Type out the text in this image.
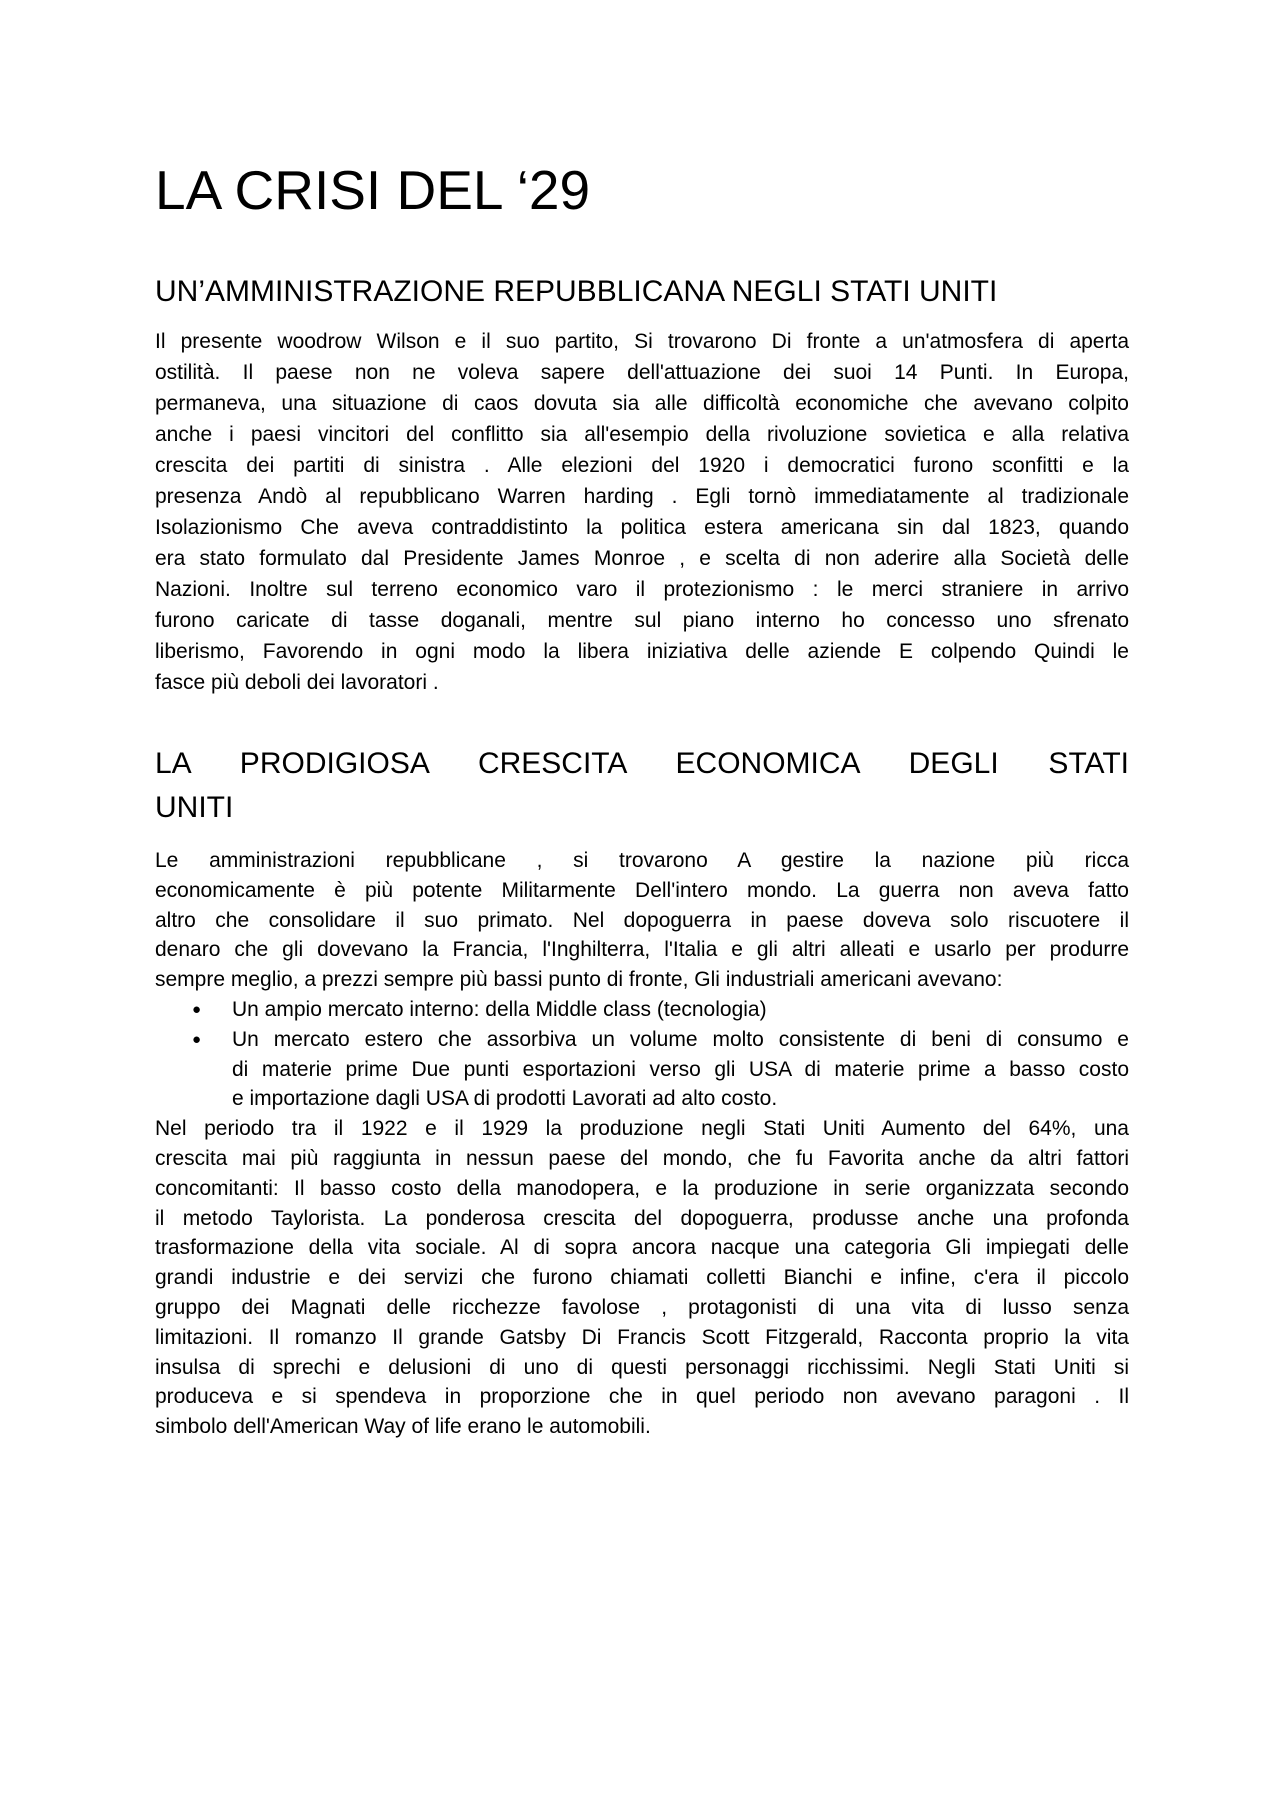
LA CRISI DEL ‘29
UN’AMMINISTRAZIONE REPUBBLICANA NEGLI STATI UNITI
Il presente woodrow Wilson e il suo partito, Si trovarono Di fronte a un'atmosfera di aperta
ostilità. Il paese non ne voleva sapere dell'attuazione dei suoi 14 Punti. In Europa,
permaneva, una situazione di caos dovuta sia alle difficoltà economiche che avevano colpito
anche i paesi vincitori del conflitto sia all'esempio della rivoluzione sovietica e alla relativa
crescita dei partiti di sinistra . Alle elezioni del 1920 i democratici furono sconfitti e la
presenza Andò al repubblicano Warren harding . Egli tornò immediatamente al tradizionale
Isolazionismo Che aveva contraddistinto la politica estera americana sin dal 1823, quando
era stato formulato dal Presidente James Monroe , e scelta di non aderire alla Società delle
Nazioni. Inoltre sul terreno economico varo il protezionismo : le merci straniere in arrivo
furono caricate di tasse doganali, mentre sul piano interno ho concesso uno sfrenato
liberismo, Favorendo in ogni modo la libera iniziativa delle aziende E colpendo Quindi le
fasce più deboli dei lavoratori .
LA PRODIGIOSA CRESCITA ECONOMICA DEGLI STATI
UNITI
Le amministrazioni repubblicane , si trovarono A gestire la nazione più ricca
economicamente è più potente Militarmente Dell'intero mondo. La guerra non aveva fatto
altro che consolidare il suo primato. Nel dopoguerra in paese doveva solo riscuotere il
denaro che gli dovevano la Francia, l'Inghilterra, l'Italia e gli altri alleati e usarlo per produrre
sempre meglio, a prezzi sempre più bassi punto di fronte, Gli industriali americani avevano:
● Un ampio mercato interno: della Middle class (tecnologia)
● Un mercato estero che assorbiva un volume molto consistente di beni di consumo e
di materie prime Due punti esportazioni verso gli USA di materie prime a basso costo
e importazione dagli USA di prodotti Lavorati ad alto costo.
Nel periodo tra il 1922 e il 1929 la produzione negli Stati Uniti Aumento del 64%, una
crescita mai più raggiunta in nessun paese del mondo, che fu Favorita anche da altri fattori
concomitanti: Il basso costo della manodopera, e la produzione in serie organizzata secondo
il metodo Taylorista. La ponderosa crescita del dopoguerra, produsse anche una profonda
trasformazione della vita sociale. Al di sopra ancora nacque una categoria Gli impiegati delle
grandi industrie e dei servizi che furono chiamati colletti Bianchi e infine, c'era il piccolo
gruppo dei Magnati delle ricchezze favolose , protagonisti di una vita di lusso senza
limitazioni. Il romanzo Il grande Gatsby Di Francis Scott Fitzgerald, Racconta proprio la vita
insulsa di sprechi e delusioni di uno di questi personaggi ricchissimi. Negli Stati Uniti si
produceva e si spendeva in proporzione che in quel periodo non avevano paragoni . Il
simbolo dell'American Way of life erano le automobili.
